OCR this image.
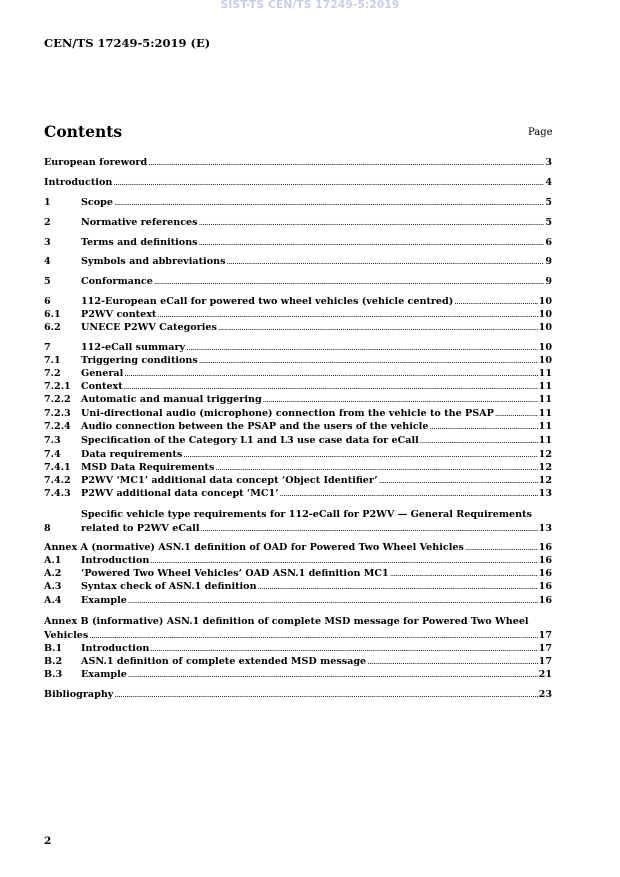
SIST-TS CEN/TS 17249-5:2019
CEN/TS 17249-5:2019 (E)
Contents	Page
European foreword .....	3
Introduction .....	4
1	Scope .....	5
2	Normative references .....	5
3	Terms and definitions .....	6
4	Symbols and abbreviations .....	9
5	Conformance .....	9
6	112-European eCall for powered two wheel vehicles (vehicle centred) .....	10
6.1 P2WV context .....	10
6.2 UNECE P2WV Categories .....	10
7	112-eCall summary .....	10
7.1 Triggering conditions .....	10
7.2 General .....	11
7.2.1 Context .....	11
7.2.2 Automatic and manual triggering .....	11
7.2.3 Uni-directional audio (microphone) connection from the vehicle to the PSAP .....	11
7.2.4 Audio connection between the PSAP and the users of the vehicle .....	11
7.3 Specification of the Category L1 and L3 use case data for eCall .....	11
7.4 Data requirements .....	12
7.4.1 MSD Data Requirements .....	12
7.4.2 P2WV ‘MC1’ additional data concept ‘Object Identifier’ .....	12
7.4.3 P2WV additional data concept ‘MC1’ .....	13
Specific vehicle type requirements for 112-eCall for P2WV — General Requirements
8	related to P2WV eCall .....	13
Annex A (normative) ASN.1 definition of OAD for Powered Two Wheel Vehicles .....	16
A.1 Introduction .....	16
A.2 ‘Powered Two Wheel Vehicles’ OAD ASN.1 definition MC1 .....	16
A.3 Syntax check of ASN.1 definition .....	16
A.4 Example .....	16
Annex B (informative) ASN.1 definition of complete MSD message for Powered Two Wheel
Vehicles .....	17
B.1 Introduction .....	17
B.2 ASN.1 definition of complete extended MSD message .....	17
B.3 Example .....	21
Bibliography .....	23
2
